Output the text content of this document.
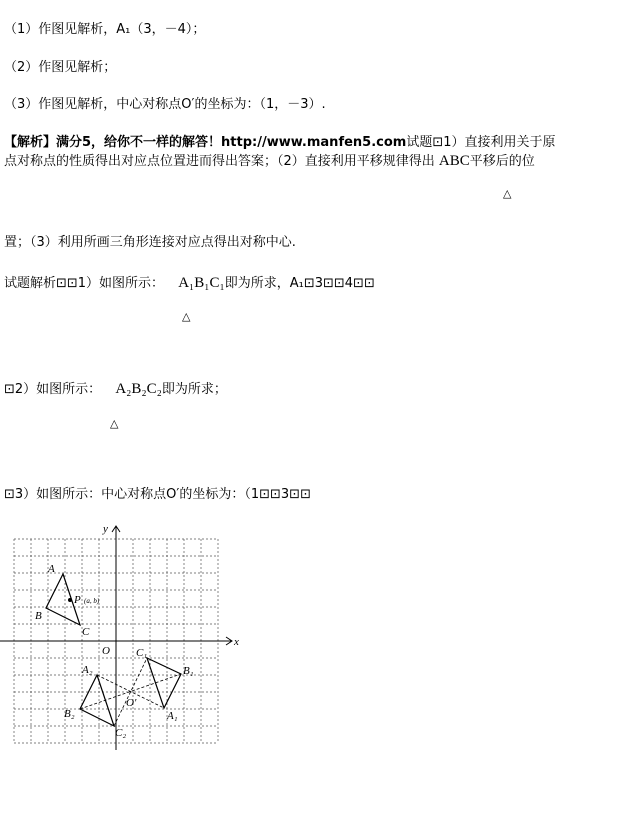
（1）作图见解析，A₁（3，－4）；
（2）作图见解析；
（3）作图见解析，中心对称点O′的坐标为：（1，－3）.
【解析】满分5，给你不一样的解答！http://www.manfen5.com试题⊡1）直接利用关于原
点对称点的性质得出对应点位置进而得出答案；（2）直接利用平移规律得出 ABC平移后的位
△
置；（3）利用所画三角形连接对应点得出对称中心.
试题解析⊡⊡1）如图所示： A₁B₁C₁即为所求，A₁⊡3⊡⊡4⊡⊡
△
⊡2）如图所示： A₂B₂C₂即为所求；
△
⊡3）如图所示：中心对称点O′的坐标为：（1⊡⊡3⊡⊡
y
x
O
A
B
C
P (a, b)
C₁
B₁
A₁
A₂
B₂
C₂
O′
